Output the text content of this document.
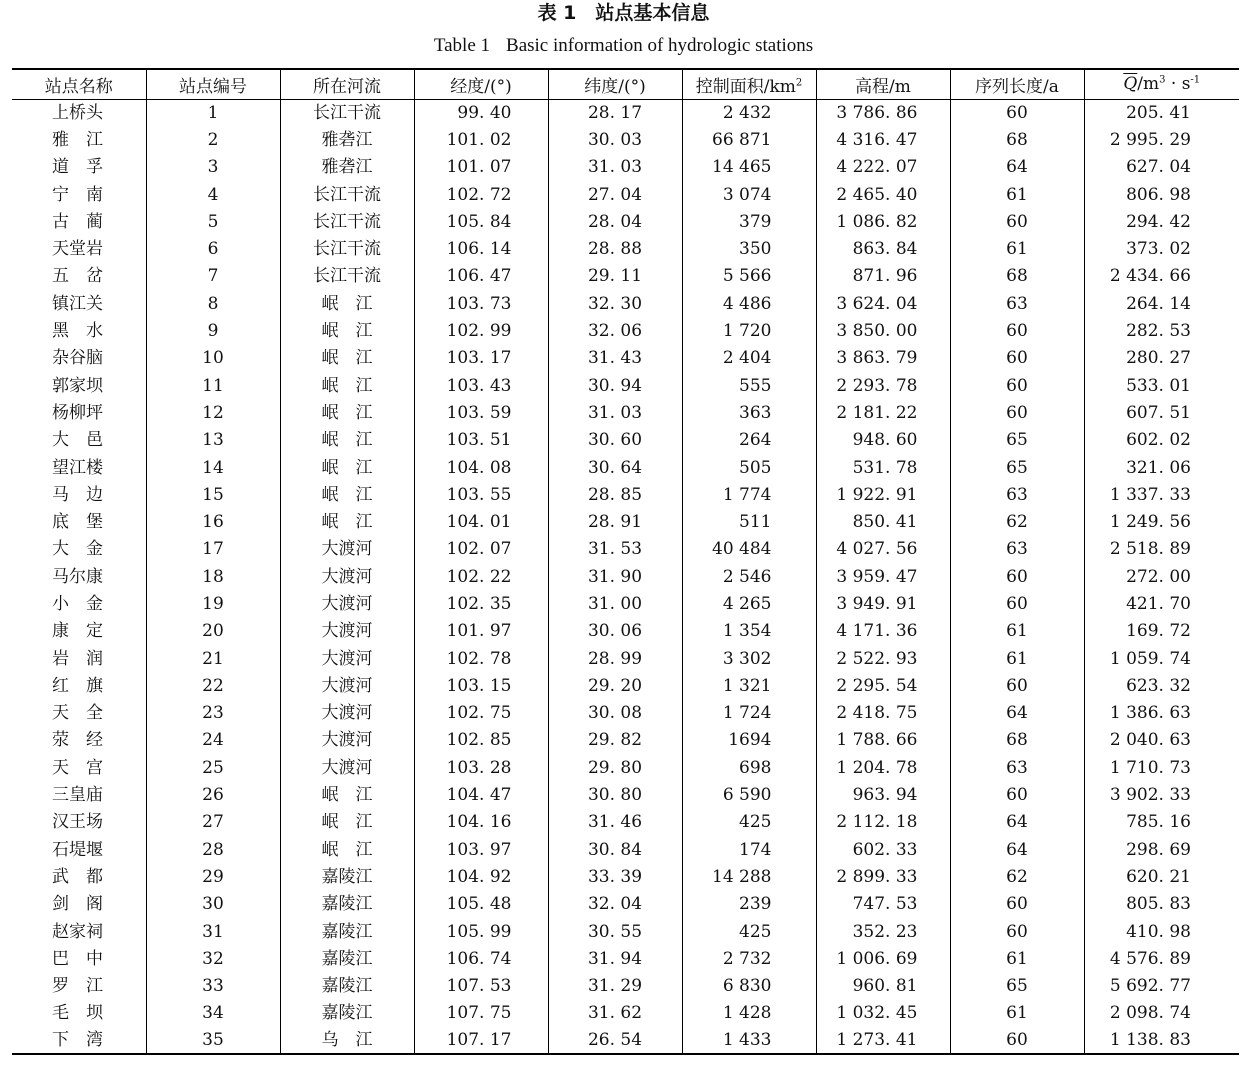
表 1　 站点基本信息
Table 1 Basic information of hydrologic stations
站点名称	站点编号	所在河流	经度/(°)	纬度/(°)	控制面积$/km^2$	高程/m	序列长度/a	$\overline{Q}/m^3 \cdot s^{-1}$
上桥头	1	长江干流	99. 40	28. 17	2 432	3 786. 86	60	205. 41
雅　江	2	雅砻江	101. 02	30. 03	66 871	4 316. 47	68	2 995. 29
道　孚	3	雅砻江	101. 07	31. 03	14 465	4 222. 07	64	627. 04
宁　南	4	长江干流	102. 72	27. 04	3 074	2 465. 40	61	806. 98
古　蔺	5	长江干流	105. 84	28. 04	379	1 086. 82	60	294. 42
天堂岩	6	长江干流	106. 14	28. 88	350	863. 84	61	373. 02
五　岔	7	长江干流	106. 47	29. 11	5 566	871. 96	68	2 434. 66
镇江关	8	岷　江	103. 73	32. 30	4 486	3 624. 04	63	264. 14
黑　水	9	岷　江	102. 99	32. 06	1 720	3 850. 00	60	282. 53
杂谷脑	10	岷　江	103. 17	31. 43	2 404	3 863. 79	60	280. 27
郭家坝	11	岷　江	103. 43	30. 94	555	2 293. 78	60	533. 01
杨柳坪	12	岷　江	103. 59	31. 03	363	2 181. 22	60	607. 51
大　邑	13	岷　江	103. 51	30. 60	264	948. 60	65	602. 02
望江楼	14	岷　江	104. 08	30. 64	505	531. 78	65	321. 06
马　边	15	岷　江	103. 55	28. 85	1 774	1 922. 91	63	1 337. 33
底　堡	16	岷　江	104. 01	28. 91	511	850. 41	62	1 249. 56
大　金	17	大渡河	102. 07	31. 53	40 484	4 027. 56	63	2 518. 89
马尔康	18	大渡河	102. 22	31. 90	2 546	3 959. 47	60	272. 00
小　金	19	大渡河	102. 35	31. 00	4 265	3 949. 91	60	421. 70
康　定	20	大渡河	101. 97	30. 06	1 354	4 171. 36	61	169. 72
岩　润	21	大渡河	102. 78	28. 99	3 302	2 522. 93	61	1 059. 74
红　旗	22	大渡河	103. 15	29. 20	1 321	2 295. 54	60	623. 32
天　全	23	大渡河	102. 75	30. 08	1 724	2 418. 75	64	1 386. 63
荥　经	24	大渡河	102. 85	29. 82	1694	1 788. 66	68	2 040. 63
天　宫	25	大渡河	103. 28	29. 80	698	1 204. 78	63	1 710. 73
三皇庙	26	岷　江	104. 47	30. 80	6 590	963. 94	60	3 902. 33
汉王场	27	岷　江	104. 16	31. 46	425	2 112. 18	64	785. 16
石堤堰	28	岷　江	103. 97	30. 84	174	602. 33	64	298. 69
武　都	29	嘉陵江	104. 92	33. 39	14 288	2 899. 33	62	620. 21
剑　阁	30	嘉陵江	105. 48	32. 04	239	747. 53	60	805. 83
赵家祠	31	嘉陵江	105. 99	30. 55	425	352. 23	60	410. 98
巴　中	32	嘉陵江	106. 74	31. 94	2 732	1 006. 69	61	4 576. 89
罗　江	33	嘉陵江	107. 53	31. 29	6 830	960. 81	65	5 692. 77
毛　坝	34	嘉陵江	107. 75	31. 62	1 428	1 032. 45	61	2 098. 74
下　湾	35	乌　江	107. 17	26. 54	1 433	1 273. 41	60	1 138. 83
